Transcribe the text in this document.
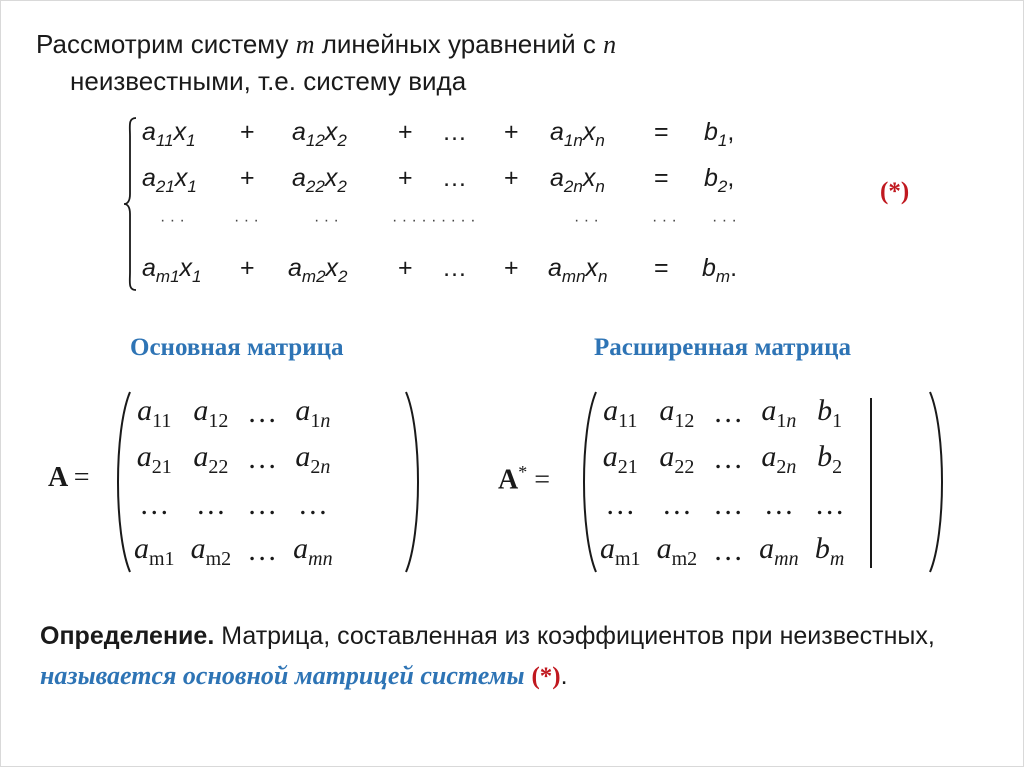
Рассмотрим систему m линейных уравнений с n
неизвестными, т.е. систему вида
$a_{11}x_1 + a_{12}x_2$ + … + $a_{1n}x_n = b_1$,
$a_{21}x_1 + a_{22}x_2$ + … + $a_{2n}x_n = b_2$,
· · ·	· · ·	· · ·	· · · · · · · · ·	· · ·	· · · · · ·
$a_{m1}x_1 + a_{m2}x_2$ + … + $a_{mn}x_n = b_m$.
(*)
Основная матрица	Расширенная матрица
A =
$a_{11}$	$a_{12}$	…	$a_{1n}$
$a_{21}$	$a_{22}$	…	$a_{2n}$
…	…	…	…
$a_{m1}$	$a_{m2}$	…	$a_{mn}$
A* =
$a_{11}$	$a_{12}$	…	$a_{1n}$	$b_1$
$a_{21}$	$a_{22}$	…	$a_{2n}$	$b_2$
…	…	…	…	…
$a_{m1}$	$a_{m2}$	…	$a_{mn}$	$b_m$
Определение. Матрица, составленная из коэффициентов при неизвестных, называется основной матрицей системы (*).
